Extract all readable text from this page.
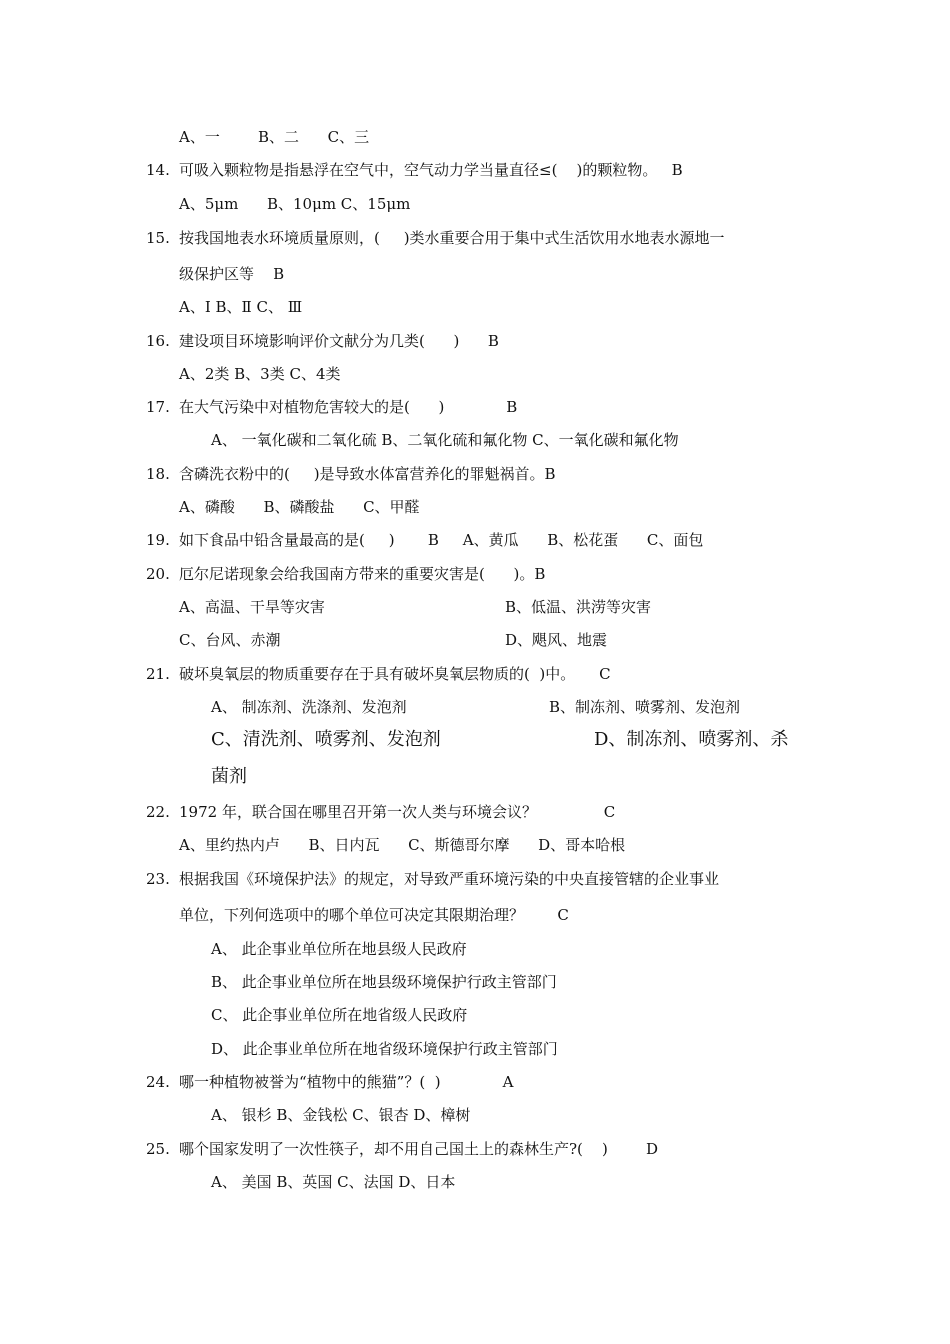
A、一        B、二      C、三
14. 可吸入颗粒物是指悬浮在空气中，空气动力学当量直径≤(    )的颗粒物。   B
A、5μm      B、10μm C、15μm
15. 按我国地表水环境质量原则，(     )类水重要合用于集中式生活饮用水地表水源地一
级保护区等    B
A、Ⅰ B、Ⅱ C、 Ⅲ
16. 建设项目环境影响评价文献分为几类(      )      B
A、2类 B、3类 C、4类
17. 在大气污染中对植物危害较大的是(      )             B
A、 一氧化碳和二氧化硫 B、二氧化硫和氟化物 C、一氧化碳和氟化物
18. 含磷洗衣粉中的(     )是导致水体富营养化的罪魁祸首。B
A、磷酸      B、磷酸盐      C、甲醛
19. 如下食品中铅含量最高的是(     )       B     A、黄瓜      B、松花蛋      C、面包
20. 厄尔尼诺现象会给我国南方带来的重要灾害是(      )。B
A、高温、干旱等灾害	B、低温、洪涝等灾害
C、台风、赤潮	D、飓风、地震
21. 破坏臭氧层的物质重要存在于具有破坏臭氧层物质的(  )中。     C
A、 制冻剂、洗涤剂、发泡剂	B、制冻剂、喷雾剂、发泡剂
C、清洗剂、喷雾剂、发泡剂	D、制冻剂、喷雾剂、杀
菌剂
22. 1972 年，联合国在哪里召开第一次人类与环境会议？              C
A、里约热内卢      B、日内瓦      C、斯德哥尔摩      D、哥本哈根
23. 根据我国《环境保护法》的规定，对导致严重环境污染的中央直接管辖的企业事业
单位，下列何选项中的哪个单位可决定其限期治理？       C
A、 此企事业单位所在地县级人民政府
B、 此企事业单位所在地县级环境保护行政主管部门
C、 此企事业单位所在地省级人民政府
D、 此企事业单位所在地省级环境保护行政主管部门
24. 哪一种植物被誉为“植物中的熊猫”？(  )             A
A、 银杉 B、金钱松 C、银杏 D、樟树
25. 哪个国家发明了一次性筷子，却不用自己国土上的森林生产?(    )        D
A、 美国 B、英国 C、法国 D、日本
